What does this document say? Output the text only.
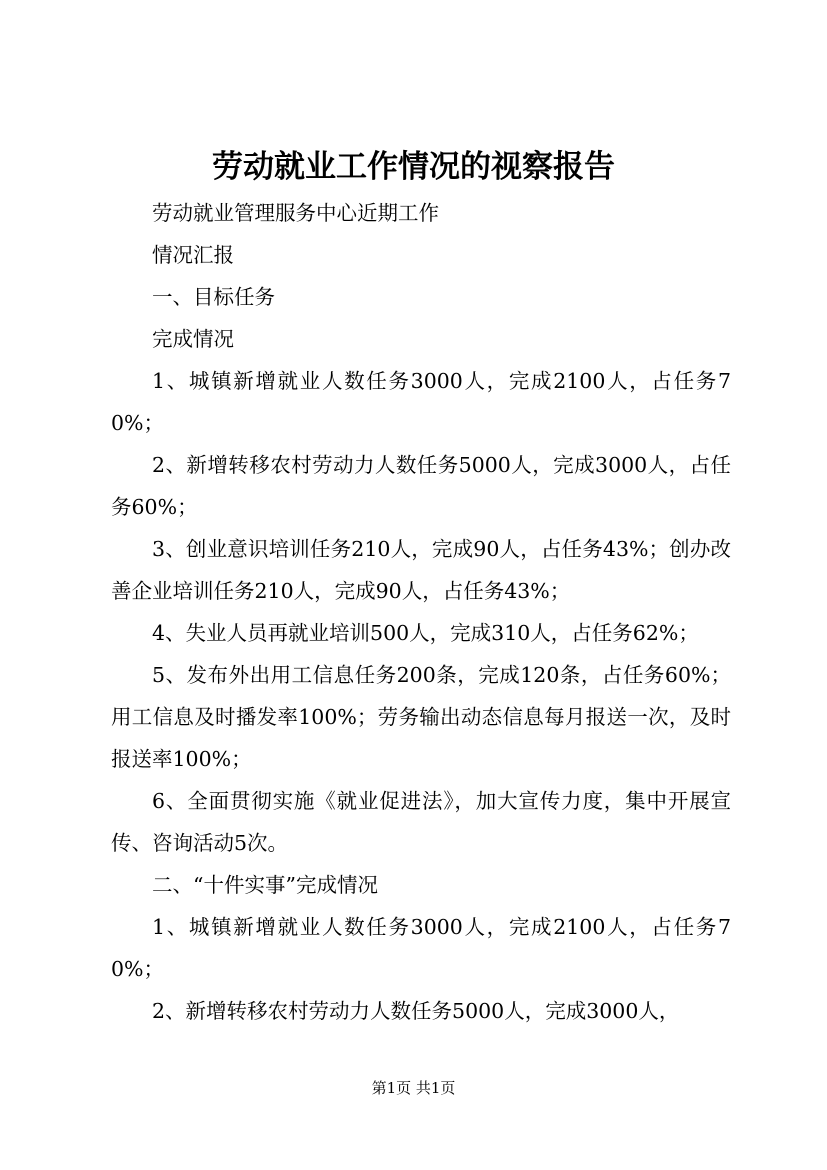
劳动就业工作情况的视察报告

劳动就业管理服务中心近期工作

情况汇报

一、目标任务

完成情况

1、城镇新增就业人数任务3000人，完成2100人，占任务70%；

2、新增转移农村劳动力人数任务5000人，完成3000人，占任务60%；

3、创业意识培训任务210人，完成90人，占任务43%；创办改善企业培训任务210人，完成90人，占任务43%；

4、失业人员再就业培训500人，完成310人，占任务62%；

5、发布外出用工信息任务200条，完成120条，占任务60%；用工信息及时播发率100%；劳务输出动态信息每月报送一次，及时报送率100%；

6、全面贯彻实施《就业促进法》，加大宣传力度，集中开展宣传、咨询活动5次。

二、“十件实事”完成情况

1、城镇新增就业人数任务3000人，完成2100人，占任务70%；

2、新增转移农村劳动力人数任务5000人，完成3000人，

第1页 共1页
